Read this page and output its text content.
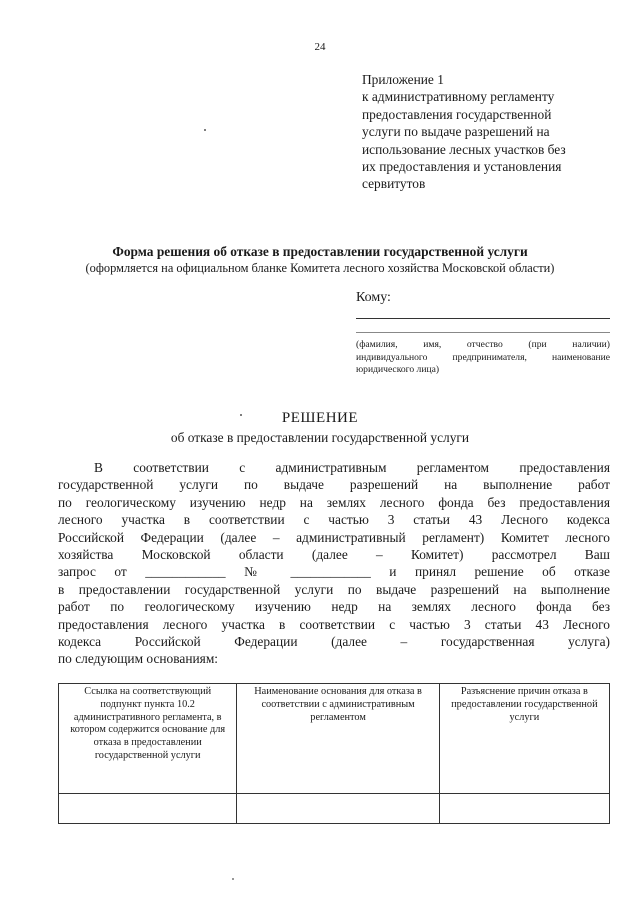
24
Приложение 1
к административному регламенту
предоставления государственной
услуги по выдаче разрешений на
использование лесных участков без
их предоставления и установления
сервитутов
Форма решения об отказе в предоставлении государственной услуги
(оформляется на официальном бланке Комитета лесного хозяйства Московской области)
Кому:
(фамилия, имя, отчество (при наличии)
индивидуального предпринимателя, наименование
юридического лица)
РЕШЕНИЕ
об отказе в предоставлении государственной услуги
В соответствии с административным регламентом предоставления
государственной услуги по выдаче разрешений на выполнение работ
по геологическому изучению недр на землях лесного фонда без предоставления
лесного участка в соответствии с частью 3 статьи 43 Лесного кодекса
Российской Федерации (далее – административный регламент) Комитет лесного
хозяйства Московской области (далее – Комитет) рассмотрел Ваш
запрос от ____________ № ____________ и принял решение об отказе
в предоставлении государственной услуги по выдаче разрешений на выполнение
работ по геологическому изучению недр на землях лесного фонда без
предоставления лесного участка в соответствии с частью 3 статьи 43 Лесного
кодекса Российской Федерации (далее – государственная услуга)
по следующим основаниям:
Ссылка на соответствующий подпункт пункта 10.2 административного регламента, в котором содержится основание для отказа в предоставлении государственной услуги	Наименование основания для отказа в соответствии с административным регламентом	Разъяснение причин отказа в предоставлении государственной услуги
